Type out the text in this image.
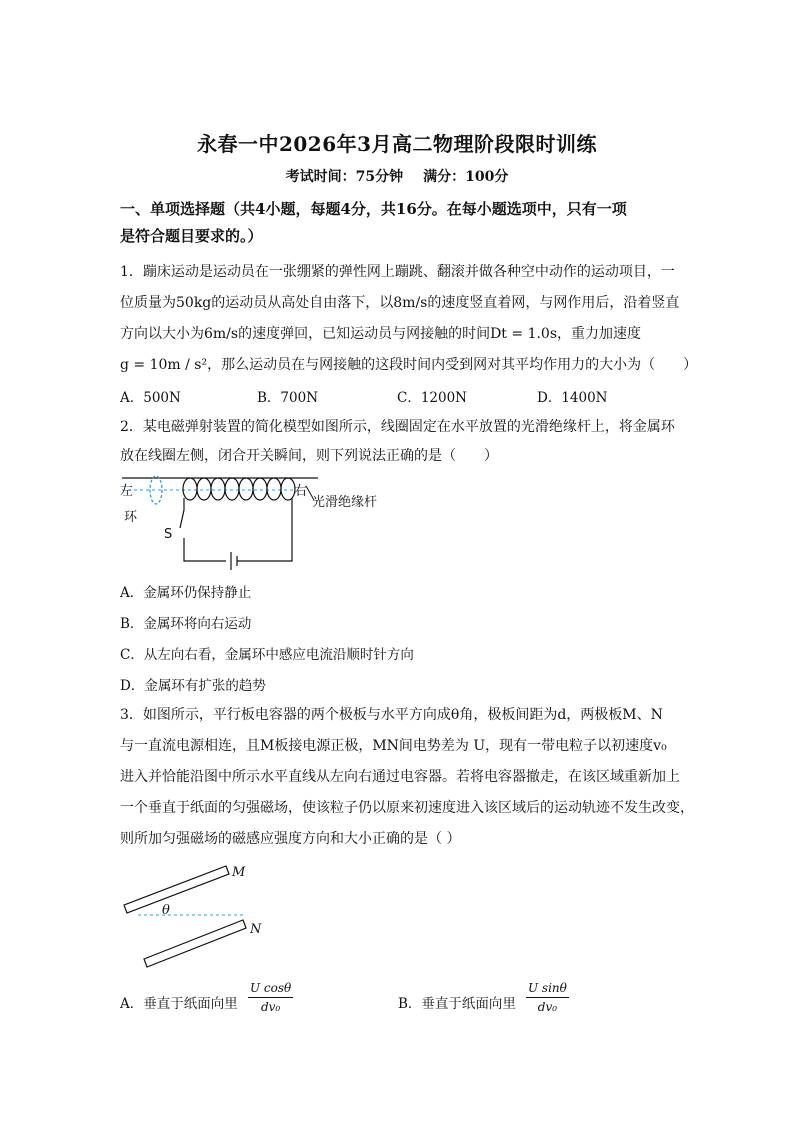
永春一中2026年3月高二物理阶段限时训练
考试时间：75分钟 满分：100分
一、单项选择题（共4小题，每题4分，共16分。在每小题选项中，只有一项
是符合题目要求的。）
1．蹦床运动是运动员在一张绷紧的弹性网上蹦跳、翻滚并做各种空中动作的运动项目，一
位质量为50kg的运动员从高处自由落下，以8m/s的速度竖直着网，与网作用后，沿着竖直
方向以大小为6m/s的速度弹回，已知运动员与网接触的时间Dt = 1.0s，重力加速度
g = 10m / s²，那么运动员在与网接触的这段时间内受到网对其平均作用力的大小为（　　）
A．500N	B．700N	C．1200N	D．1400N
2．某电磁弹射装置的简化模型如图所示，线圈固定在水平放置的光滑绝缘杆上，将金属环
放在线圈左侧，闭合开关瞬间，则下列说法正确的是（　　）
左	右
环
光滑绝缘杆
S
A．金属环仍保持静止
B．金属环将向右运动
C．从左向右看，金属环中感应电流沿顺时针方向
D．金属环有扩张的趋势
3．如图所示，平行板电容器的两个极板与水平方向成θ角，极板间距为d，两极板M、N
与一直流电源相连，且M板接电源正极，MN间电势差为 U，现有一带电粒子以初速度v₀
进入并恰能沿图中所示水平直线从左向右通过电容器。若将电容器撤走，在该区域重新加上
一个垂直于纸面的匀强磁场，使该粒子仍以原来初速度进入该区域后的运动轨迹不发生改变，
则所加匀强磁场的磁感应强度方向和大小正确的是（ ）
M
N
θ
A．垂直于纸面向里
U cosθ
dv₀	B．垂直于纸面向里
U sinθ
dv₀
